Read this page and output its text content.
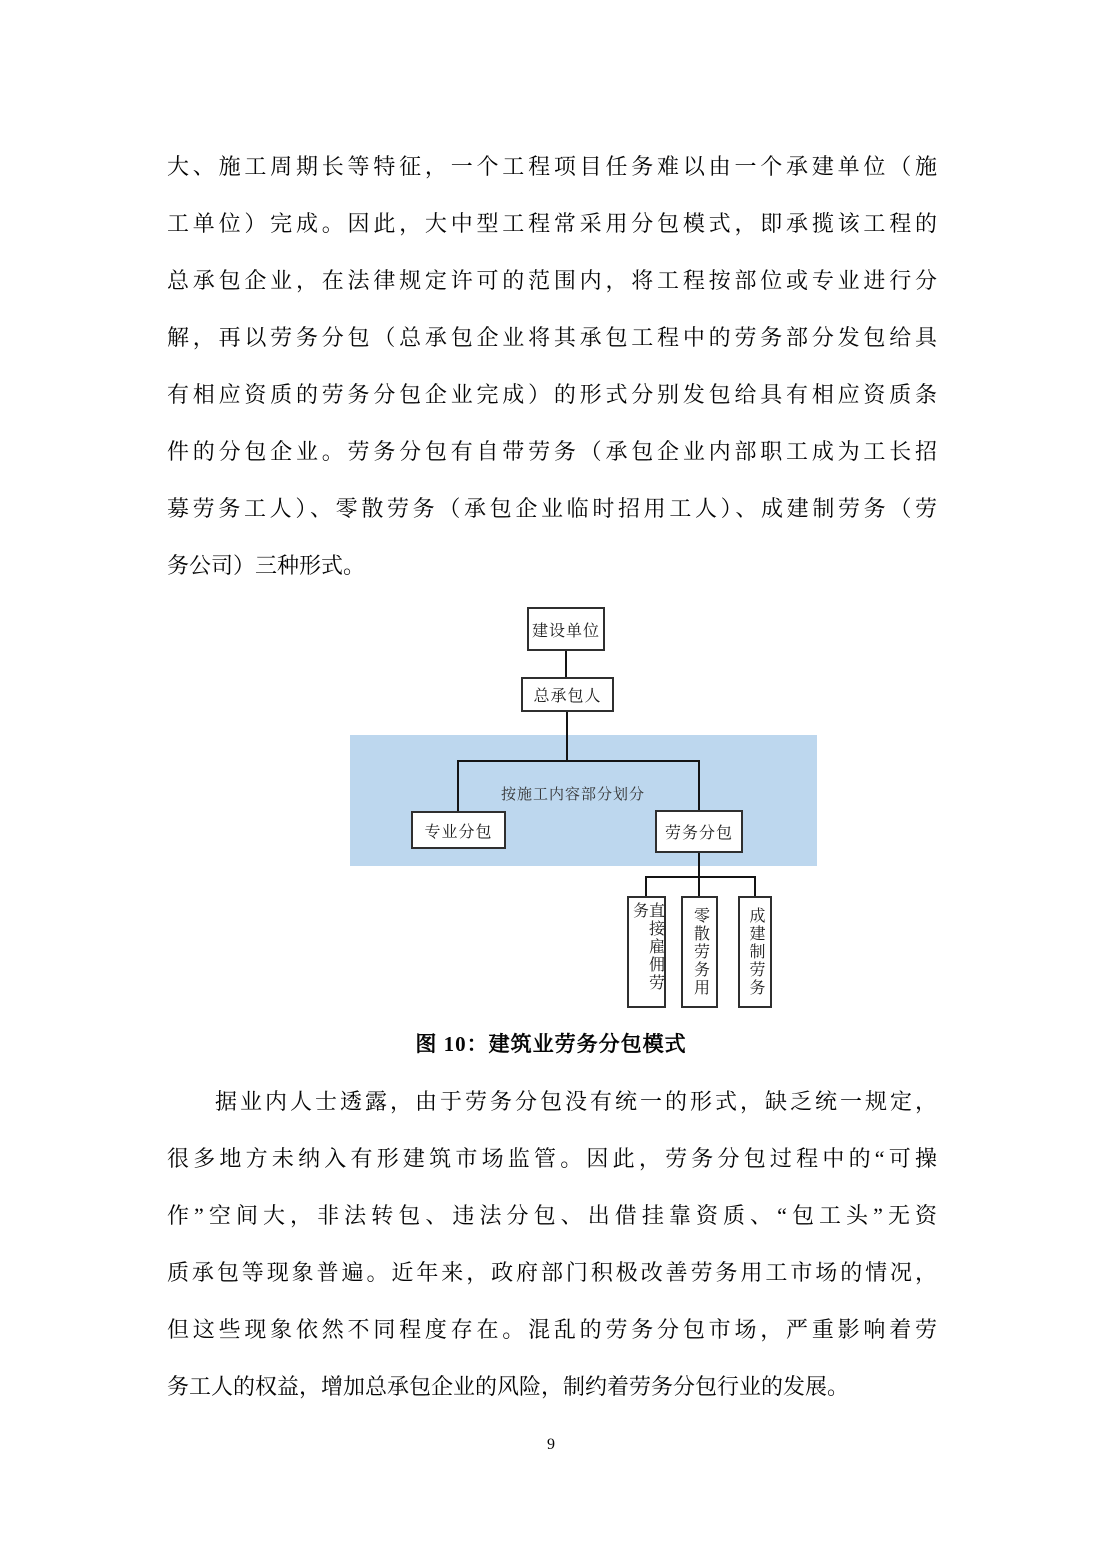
大、施工周期长等特征，一个工程项目任务难以由一个承建单位（施
工单位）完成。因此，大中型工程常采用分包模式，即承揽该工程的
总承包企业，在法律规定许可的范围内，将工程按部位或专业进行分
解，再以劳务分包（总承包企业将其承包工程中的劳务部分发包给具
有相应资质的劳务分包企业完成）的形式分别发包给具有相应资质条
件的分包企业。劳务分包有自带劳务（承包企业内部职工成为工长招
募劳务工人）、零散劳务（承包企业临时招用工人）、成建制劳务（劳
务公司）三种形式。
建设单位
总承包人
按施工内容部分划分
专业分包	劳务分包
直接雇佣劳务	零散劳务用 成建制劳务
图 10：建筑业劳务分包模式
据业内人士透露，由于劳务分包没有统一的形式，缺乏统一规定，
很多地方未纳入有形建筑市场监管。因此，劳务分包过程中的“可操
作”空间大，非法转包、违法分包、出借挂靠资质、“包工头”无资
质承包等现象普遍。近年来，政府部门积极改善劳务用工市场的情况，
但这些现象依然不同程度存在。混乱的劳务分包市场，严重影响着劳
务工人的权益，增加总承包企业的风险，制约着劳务分包行业的发展。
9
